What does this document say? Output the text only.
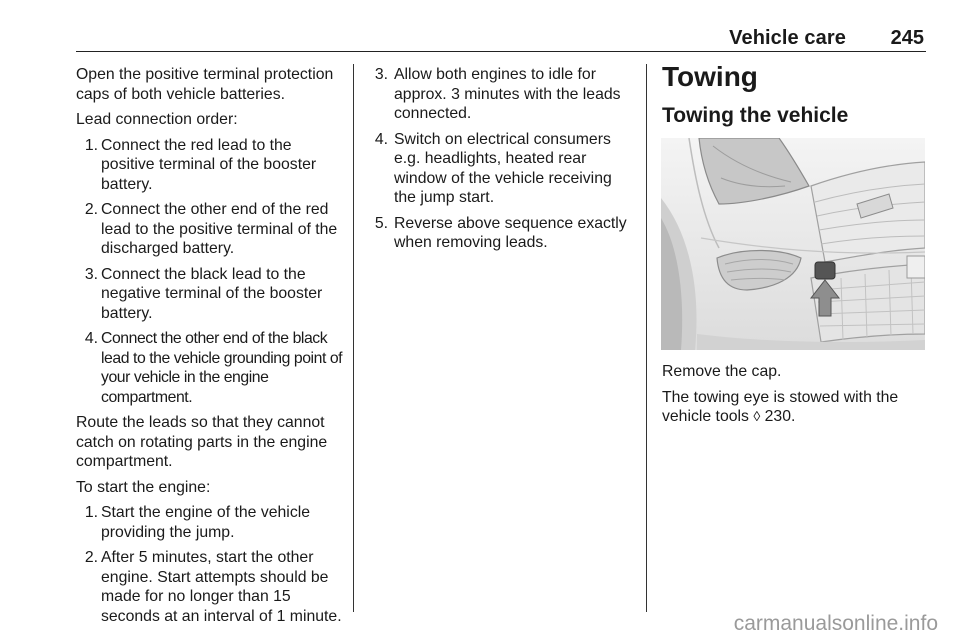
Vehicle care 245

Open the positive terminal protection caps of both vehicle batteries.

Lead connection order:

1. Connect the red lead to the positive terminal of the booster battery.
2. Connect the other end of the red lead to the positive terminal of the discharged battery.
3. Connect the black lead to the negative terminal of the booster battery.
4. Connect the other end of the black lead to the vehicle grounding point of your vehicle in the engine compartment.

Route the leads so that they cannot catch on rotating parts in the engine compartment.

To start the engine:

1. Start the engine of the vehicle providing the jump.
2. After 5 minutes, start the other engine. Start attempts should be made for no longer than 15 seconds at an interval of 1 minute.
3. Allow both engines to idle for approx. 3 minutes with the leads connected.
4. Switch on electrical consumers e.g. headlights, heated rear window of the vehicle receiving the jump start.
5. Reverse above sequence exactly when removing leads.
Towing
Towing the vehicle

Remove the cap.

The towing eye is stowed with the vehicle tools ◊ 230.

carmanualsonline.info
